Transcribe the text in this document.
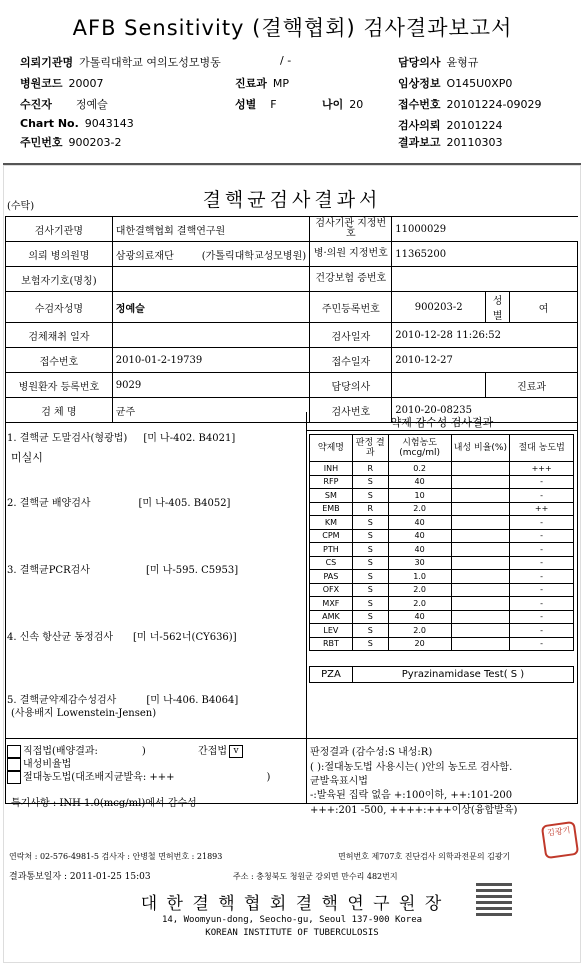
AFB Sensitivity (결핵협회) 검사결과보고서
의뢰기관명 가톨릭대학교 여의도성모병동	/ -	담당의사 윤형규
병원코드 20007	진료과 MP	임상정보 O145U0XP0
수진자 정예슬	성별 F	나이 20	접수번호 20101224-09029
Chart No. 9043143	검사의뢰 20101224
주민번호 900203-2	결과보고 20110303
(수탁)	결핵균검사결과서
검사기관명	대한결핵협회 결핵연구원	검사기관 지정번호	11000029		
의뢰 병의원명	삼광의료재단 (가톨릭대학교성모병원)	병·의원 지정번호	11365200		
보험자기호(명칭)		건강보험 증번호			
수검자성명	정예슬	주민등록번호	900203-2	성별	여
검체채취 일자		검사일자	2010-12-28 11:26:52		
접수번호	2010-01-2-19739	접수일자	2010-12-27		
병원환자 등록번호	9029	담당의사		진료과	
검 체 명	균주	검사번호	2010-20-08235		
1. 결핵균 도말검사(형광법) [미 나-402. B4021]
미실시
2. 결핵균 배양검사	[미 나-405. B4052]
3. 결핵균PCR검사	[미 나-595. C5953]
4. 신속 항산균 동정검사 [미 너-562너(CY636)]
5. 결핵균약제감수성검사	[미 나-406. B4064]
(사용배지 Lowenstein-Jensen)
약제 감수성 검사결과
약제명	판정 결과	시험농도 (mcg/ml)	내성 비율(%)	절대 농도법
INH	R	0.2		+++
RFP	S	40		-
SM	S	10		-
EMB	R	2.0		++
KM	S	40		-
CPM	S	40		-
PTH	S	40		-
CS	S	30		-
PAS	S	1.0		-
OFX	S	2.0		-
MXF	S	2.0		-
AMK	S	40		-
LEV	S	2.0		-
RBT	S	20		-
PZA	Pyrazinamidase Test( S )
직접법(배양결과:	)	간접법 v
내성비율법
절대농도법(대조배지균발육: +++	)
특기사항 : INH 1.0(mcg/ml)에서 감수성
판정결과 (감수성:S 내성:R)
( ):절대농도법 사용시는( )안의 농도로 검사함.
균발육표시법
-:발육된 집락 없음 +:100이하, ++:101-200
연락처 : 02-576-4981-5 검사자 : 안병철 면허번호 : 21893	면허번호 제707호 진단검사 의학과전문의 김광기
결과통보일자 : 2011-01-25 15:03	주소 : 충청북도 청원군 강외면 만수리 482번지
대 한 결 핵 협 회 결 핵 연 구 원 장
14, Woomyun-dong, Seocho-gu, Seoul 137-900 Korea
KOREAN INSTITUTE OF TUBERCULOSIS
+++:201 -500, ++++:+++이상(융합발육)
김광기
